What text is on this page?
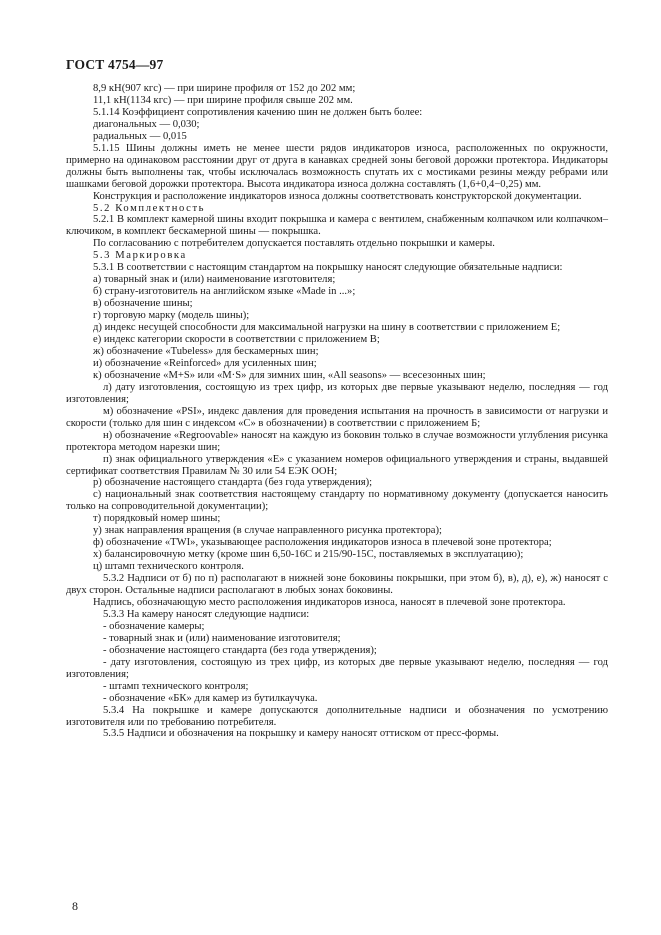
ГОСТ 4754—97

8,9 кН(907 кгс) — при ширине профиля от 152 до 202 мм;

11,1 кН(1134 кгс) — при ширине профиля свыше 202 мм.

5.1.14 Коэффициент сопротивления качению шин не должен быть более:

диагональных — 0,030;

радиальных — 0,015

5.1.15 Шины должны иметь не менее шести рядов индикаторов износа, расположенных по окружности, примерно на одинаковом расстоянии друг от друга в канавках средней зоны беговой дорожки протектора. Индикаторы должны быть выполнены так, чтобы исключалась возможность спутать их с мостиками резины между ребрами или шашками беговой дорожки протектора. Высота индикатора износа должна составлять (1,6+0,4−0,25) мм.

Конструкция и расположение индикаторов износа должны соответствовать конструкторской документации.

5.2 Комплектность

5.2.1 В комплект камерной шины входит покрышка и камера с вентилем, снабженным колпачком или колпачком–ключиком, в комплект бескамерной шины — покрышка.

По согласованию с потребителем допускается поставлять отдельно покрышки и камеры.

5.3 Маркировка

5.3.1 В соответствии с настоящим стандартом на покрышку наносят следующие обязательные надписи:

а) товарный знак и (или) наименование изготовителя;

б) страну-изготовитель на английском языке «Made in ...»;

в) обозначение шины;

г) торговую марку (модель шины);

д) индекс несущей способности для максимальной нагрузки на шину в соответствии с приложением Е;

е) индекс категории скорости в соответствии с приложением В;

ж) обозначение «Tubeless» для бескамерных шин;

и) обозначение «Reinforced» для усиленных шин;

к) обозначение «M+S» или «M·S» для зимних шин, «All seasons» — всесезонных шин;

л) дату изготовления, состоящую из трех цифр, из которых две первые указывают неделю, последняя — год изготовления;

м) обозначение «PSI», индекс давления для проведения испытания на прочность в зависимости от нагрузки и скорости (только для шин с индексом «С» в обозначении) в соответствии с приложением Б;

н) обозначение «Regroovable» наносят на каждую из боковин только в случае возможности углубления рисунка протектора методом нарезки шин;

п) знак официального утверждения «Е» с указанием номеров официального утверждения и страны, выдавшей сертификат соответствия Правилам № 30 или 54 ЕЭК ООН;

р) обозначение настоящего стандарта (без года утверждения);

с) национальный знак соответствия настоящему стандарту по нормативному документу (допускается наносить только на сопроводительной документации);

т) порядковый номер шины;

у) знак направления вращения (в случае направленного рисунка протектора);

ф) обозначение «TWI», указывающее расположения индикаторов износа в плечевой зоне протектора;

х) балансировочную метку (кроме шин 6,50-16С и 215/90-15С, поставляемых в эксплуатацию);

ц) штамп технического контроля.

5.3.2 Надписи от б) по п) располагают в нижней зоне боковины покрышки, при этом б), в), д), е), ж) наносят с двух сторон. Остальные надписи располагают в любых зонах боковины.

Надпись, обозначающую место расположения индикаторов износа, наносят в плечевой зоне протектора.

5.3.3 На камеру наносят следующие надписи:

- обозначение камеры;

- товарный знак и (или) наименование изготовителя;

- обозначение настоящего стандарта (без года утверждения);

- дату изготовления, состоящую из трех цифр, из которых две первые указывают неделю, последняя — год изготовления;

- штамп технического контроля;

- обозначение «БК» для камер из бутилкаучука.

5.3.4 На покрышке и камере допускаются дополнительные надписи и обозначения по усмотрению изготовителя или по требованию потребителя.

5.3.5 Надписи и обозначения на покрышку и камеру наносят оттиском от пресс-формы.

8
